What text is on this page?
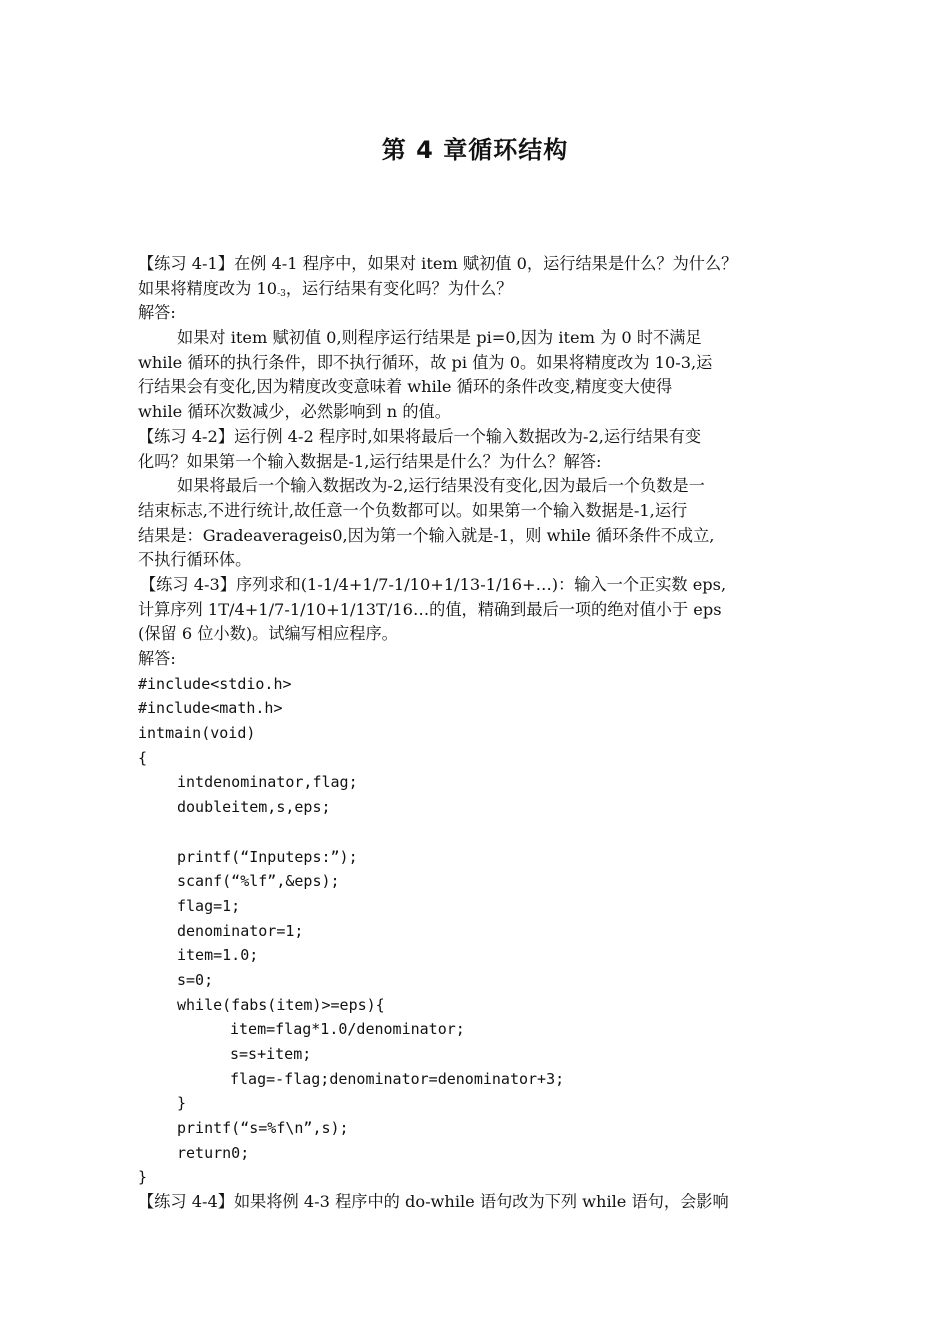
第 4 章循环结构
【练习 4-1】在例 4-1 程序中，如果对 item 赋初值 0，运行结果是什么？为什么？
如果将精度改为 $10^{-3}$，运行结果有变化吗？为什么？
解答:
如果对 item 赋初值 0,则程序运行结果是 pi=0,因为 item 为 0 时不满足
while 循环的执行条件，即不执行循环，故 pi 值为 0。如果将精度改为 10-3,运
行结果会有变化,因为精度改变意味着 while 循环的条件改变,精度变大使得
while 循环次数减少，必然影响到 n 的值。
【练习 4-2】运行例 4-2 程序时,如果将最后一个输入数据改为-2,运行结果有变
化吗？如果第一个输入数据是-1,运行结果是什么？为什么？解答:
如果将最后一个输入数据改为-2,运行结果没有变化,因为最后一个负数是一
结束标志,不进行统计,故任意一个负数都可以。如果第一个输入数据是-1,运行
结果是：Gradeaverageis0,因为第一个输入就是-1，则 while 循环条件不成立,
不执行循环体。
【练习 4-3】序列求和(1-1/4+1/7-1/10+1/13-1/16+…)：输入一个正实数 eps,
计算序列 1T/4+1/7-1/10+1/13T/16…的值，精确到最后一项的绝对值小于 eps
(保留 6 位小数)。试编写相应程序。
解答:
#include<stdio.h>
#include<math.h>
intmain(void)
{
intdenominator,flag;
doubleitem,s,eps;
printf(“Inputeps:”);
scanf(“%lf”,&eps);
flag=1;
denominator=1;
item=1.0;
s=0;
while(fabs(item)>=eps){
item=flag*1.0/denominator;
s=s+item;
flag=-flag;denominator=denominator+3;
}
printf(“s=%f\n”,s);
return0;
}
【练习 4-4】如果将例 4-3 程序中的 do-while 语句改为下列 while 语句，会影响
